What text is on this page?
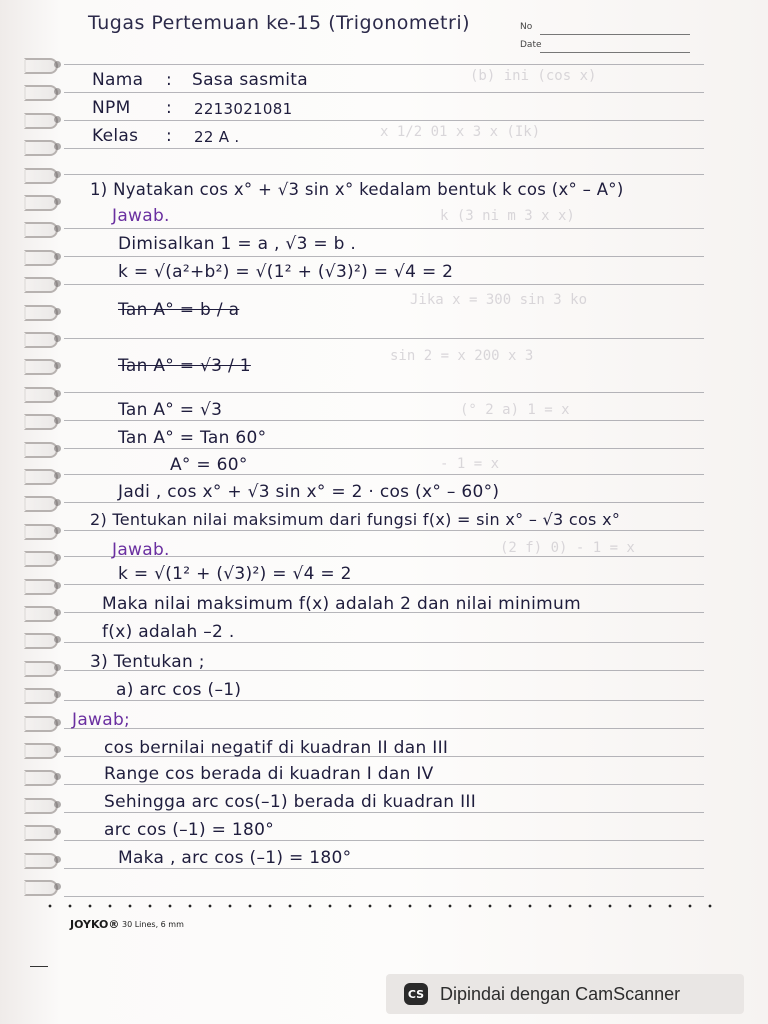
Tugas Pertemuan ke-15 (Trigonometri)	No
Date
(b) ini (cos x)
x 1/2 01 x 3 x (Ik)
k (3 ni m 3 x x)
Jika x = 300 sin 3 ko
sin 2 = x 200 x 3
(° 2 a) 1 = x
- 1 = x
(2 f) 0) - 1 = x
Nama : Sasa sasmita
NPM : 2213021081
Kelas : 22 A .
1) Nyatakan cos x° + √3 sin x° kedalam bentuk k cos (x° – A°)
Jawab.
Dimisalkan 1 = a , √3 = b .
k = √(a²+b²) = √(1² + (√3)²) = √4 = 2
Tan A° = b / a
Tan A° = √3 / 1
Tan A° = √3
Tan A° = Tan 60°
A° = 60°
Jadi , cos x° + √3 sin x° = 2 · cos (x° – 60°)
2) Tentukan nilai maksimum dari fungsi f(x) = sin x° – √3 cos x°
Jawab.
k = √(1² + (√3)²) = √4 = 2
Maka nilai maksimum f(x) adalah 2 dan nilai minimum
f(x) adalah –2 .
3) Tentukan ;
a) arc cos (–1)
Jawab;
cos bernilai negatif di kuadran II dan III
Range cos berada di kuadran I dan IV
Sehingga arc cos(–1) berada di kuadran III
arc cos (–1) = 180°
Maka , arc cos (–1) = 180°
JOYKO® 30 Lines, 6 mm
CS Dipindai dengan CamScanner
